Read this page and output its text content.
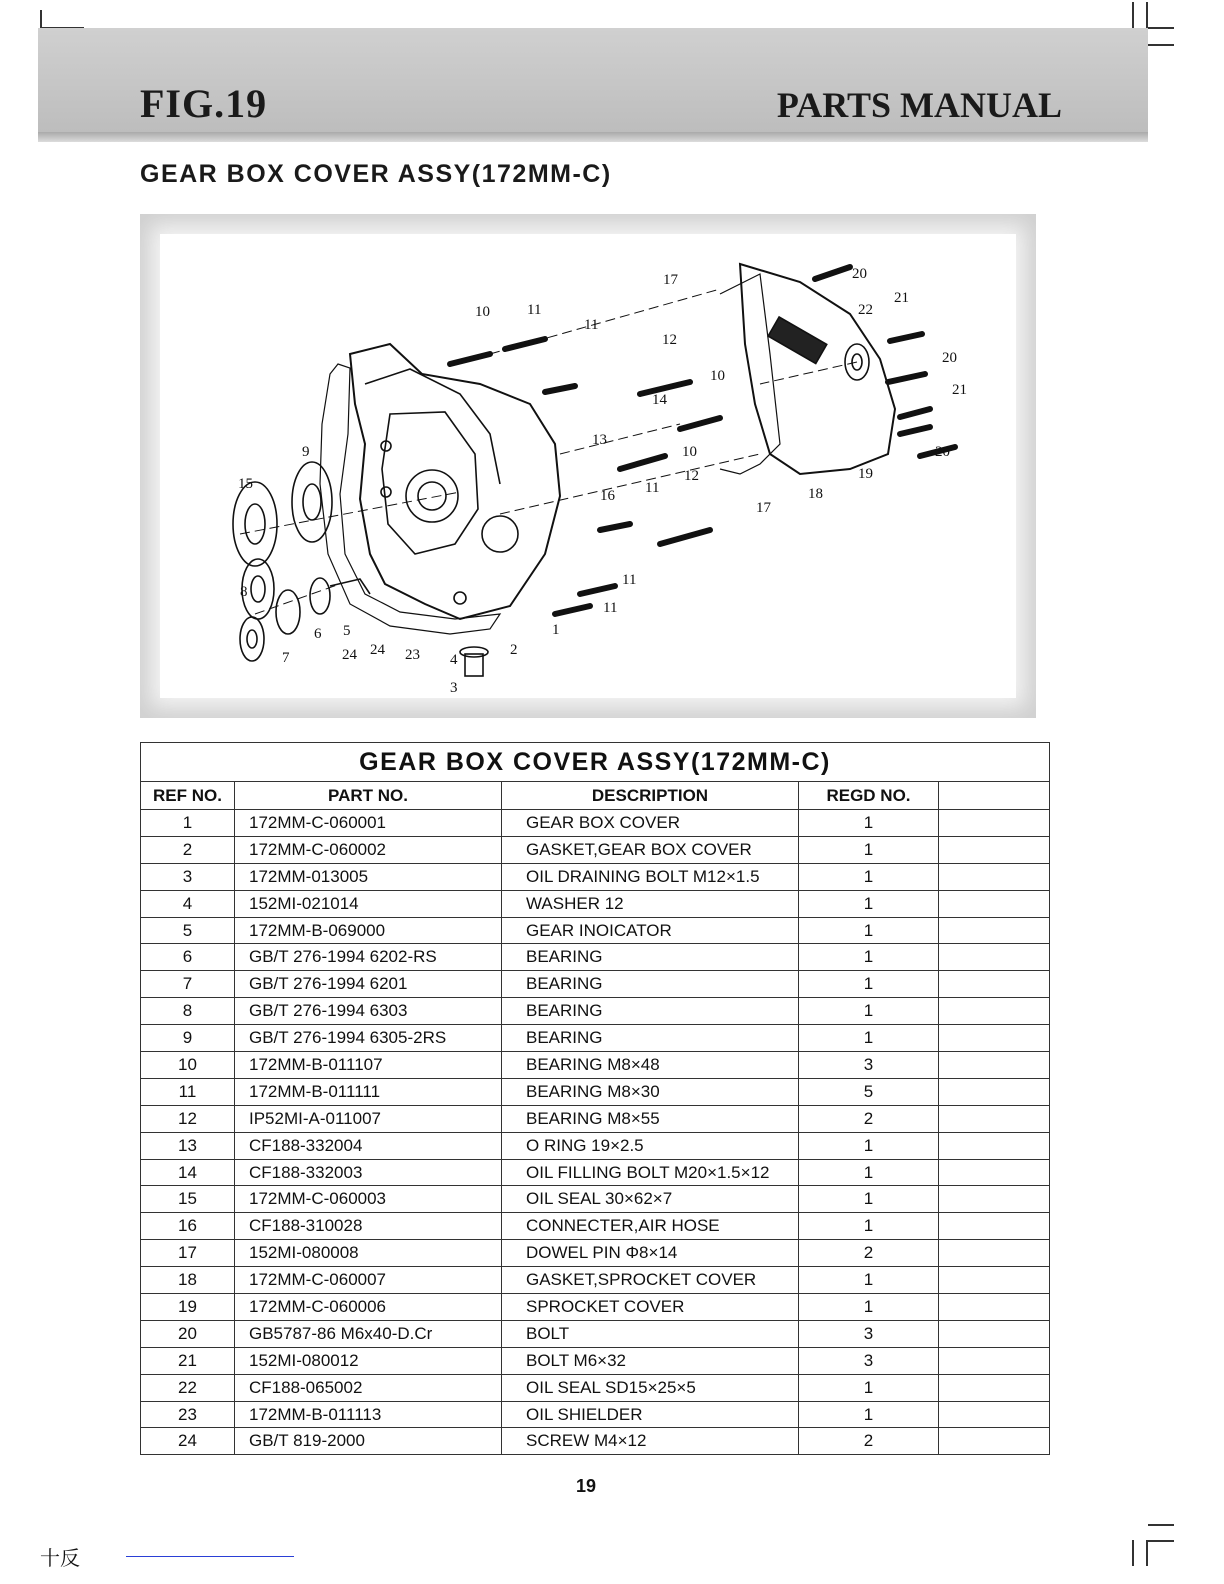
FIG.19	PARTS MANUAL
GEAR BOX COVER ASSY(172MM-C)
1
2
3
4
5
6
7
8
9
10
10
10
11
11
11
11
11
12
12
13
14
15
16
17
17
18
19
20
20
20
21
21
22
23
24 24
GEAR BOX COVER ASSY(172MM-C)				
REF NO.	PART NO.	DESCRIPTION	REGD NO.	
1	172MM-C-060001	GEAR BOX COVER	1	
2	172MM-C-060002	GASKET,GEAR BOX COVER	1	
3	172MM-013005	OIL DRAINING BOLT M12×1.5	1	
4	152MI-021014	WASHER 12	1	
5	172MM-B-069000	GEAR INOICATOR	1	
6	GB/T 276-1994 6202-RS	BEARING	1	
7	GB/T 276-1994 6201	BEARING	1	
8	GB/T 276-1994 6303	BEARING	1	
9	GB/T 276-1994 6305-2RS	BEARING	1	
10	172MM-B-011107	BEARING M8×48	3	
11	172MM-B-011111	BEARING M8×30	5	
12	IP52MI-A-011007	BEARING M8×55	2	
13	CF188-332004	O RING 19×2.5	1	
14	CF188-332003	OIL FILLING BOLT M20×1.5×12	1	
15	172MM-C-060003	OIL SEAL 30×62×7	1	
16	CF188-310028	CONNECTER,AIR HOSE	1	
17	152MI-080008	DOWEL PIN Φ8×14	2	
18	172MM-C-060007	GASKET,SPROCKET COVER	1	
19	172MM-C-060006	SPROCKET COVER	1	
20	GB5787-86 M6x40-D.Cr	BOLT	3	
21	152MI-080012	BOLT M6×32	3	
22	CF188-065002	OIL SEAL SD15×25×5	1	
23	172MM-B-011113	OIL SHIELDER	1	
24	GB/T 819-2000	SCREW M4×12	2	
19
十反
